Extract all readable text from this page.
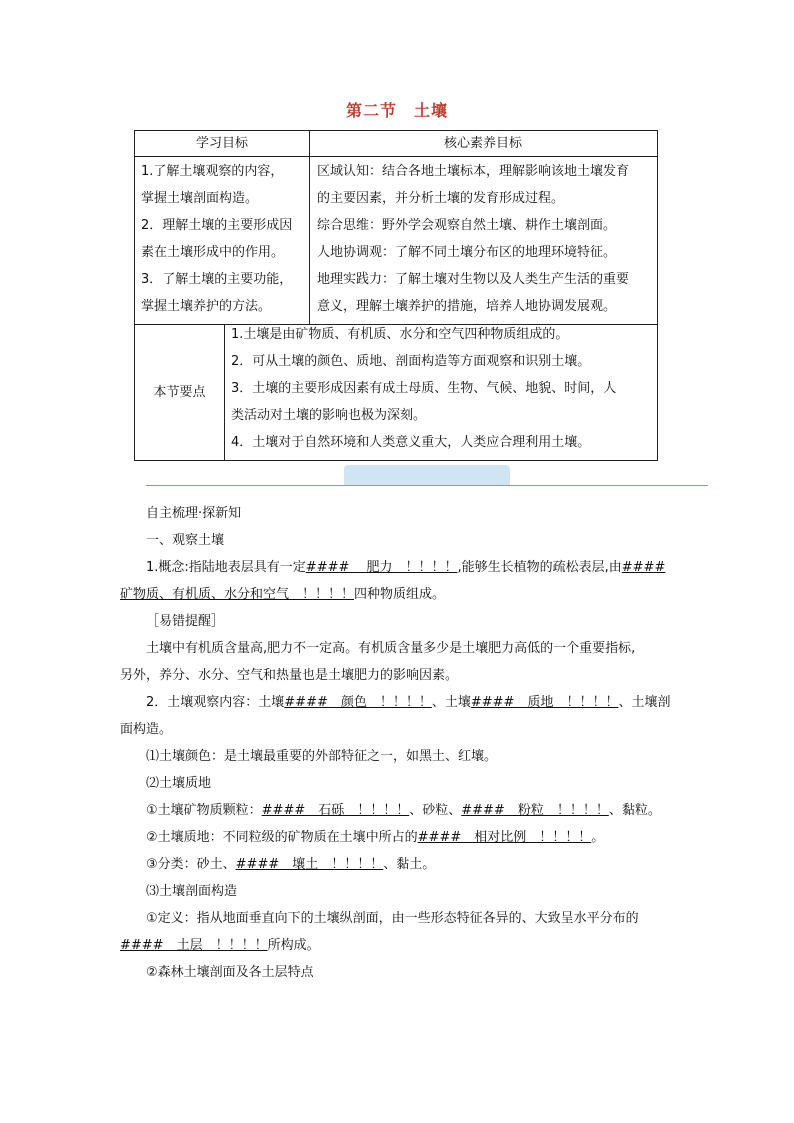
第二节　土壤
学习目标	核心素养目标
1.了解土壤观察的内容，
掌握土壤剖面构造。
2．理解土壤的主要形成因
素在土壤形成中的作用。
3．了解土壤的主要功能，
掌握土壤养护的方法。
区域认知：结合各地土壤标本，理解影响该地土壤发育
的主要因素，并分析土壤的发育形成过程。
综合思维：野外学会观察自然土壤、耕作土壤剖面。
人地协调观：了解不同土壤分布区的地理环境特征。
地理实践力：了解土壤对生物以及人类生产生活的重要
意义，理解土壤养护的措施，培养人地协调发展观。
本节要点
1.土壤是由矿物质、有机质、水分和空气四种物质组成的。
2．可从土壤的颜色、质地、剖面构造等方面观察和识别土壤。
3．土壤的主要形成因素有成土母质、生物、气候、地貌、时间，人
类活动对土壤的影响也极为深刻。
4．土壤对于自然环境和人类意义重大，人类应合理利用土壤。
自主梳理·探新知
一、观察土壤
1.概念:指陆地表层具有一定#### 　肥力　！！！！,能够生长植物的疏松表层,由####
矿物质、有机质、水分和空气　！！！！四种物质组成。
［易错提醒］
土壤中有机质含量高,肥力不一定高。有机质含量多少是土壤肥力高低的一个重要指标,
另外，养分、水分、空气和热量也是土壤肥力的影响因素。
2．土壤观察内容：土壤####　颜色　！！！！、土壤####　质地　！！！！、土壤剖
面构造。
⑴土壤颜色：是土壤最重要的外部特征之一，如黑土、红壤。
⑵土壤质地
①土壤矿物质颗粒：####　石砾　！！！！、砂粒、####　粉粒　！！！！、黏粒。
②土壤质地：不同粒级的矿物质在土壤中所占的####　相对比例　！！！！。
③分类：砂土、####　壤土　！！！！、黏土。
⑶土壤剖面构造
①定义：指从地面垂直向下的土壤纵剖面，由一些形态特征各异的、大致呈水平分布的
####　土层　！！！！所构成。
②森林土壤剖面及各土层特点
